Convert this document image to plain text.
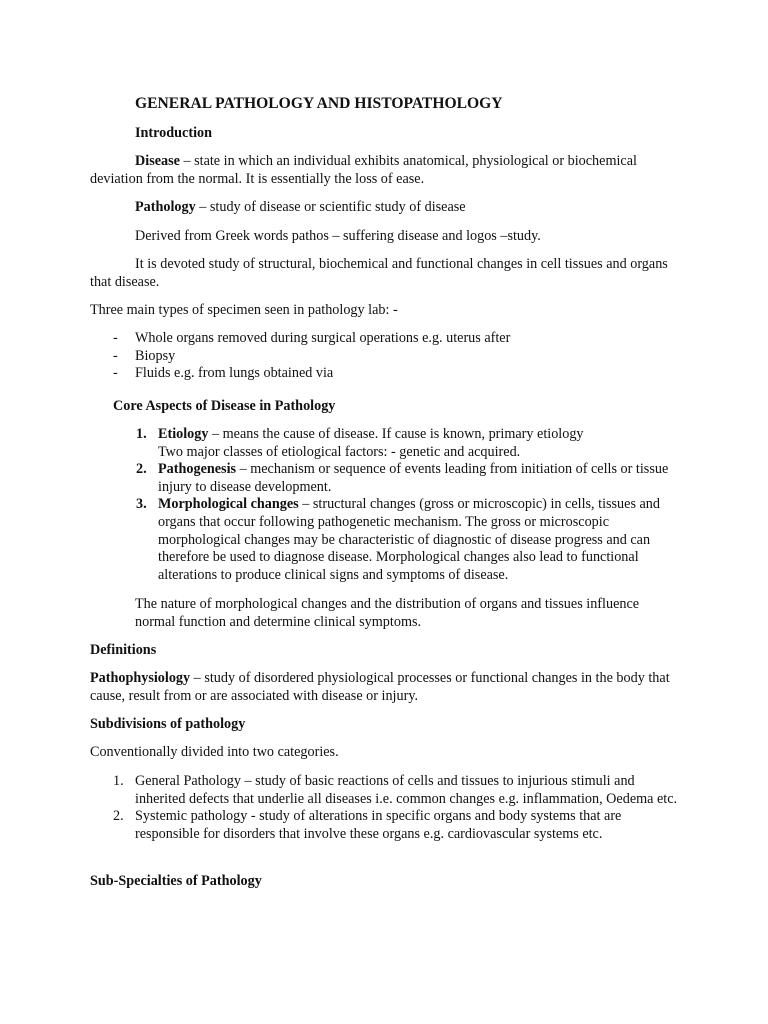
GENERAL PATHOLOGY AND HISTOPATHOLOGY

Introduction

Disease – state in which an individual exhibits anatomical, physiological or biochemical deviation from the normal. It is essentially the loss of ease.

Pathology – study of disease or scientific study of disease

Derived from Greek words pathos – suffering disease and logos –study.

It is devoted study of structural, biochemical and functional changes in cell tissues and organs that disease.

Three main types of specimen seen in pathology lab: -

-	Whole organs removed during surgical operations e.g. uterus after
-	Biopsy
-	Fluids e.g. from lungs obtained via

Core Aspects of Disease in Pathology

1. Etiology – means the cause of disease. If cause is known, primary etiology
Two major classes of etiological factors: - genetic and acquired.
2. Pathogenesis – mechanism or sequence of events leading from initiation of cells or tissue injury to disease development.
3. Morphological changes – structural changes (gross or microscopic) in cells, tissues and organs that occur following pathogenetic mechanism. The gross or microscopic morphological changes may be characteristic of diagnostic of disease progress and can therefore be used to diagnose disease. Morphological changes also lead to functional alterations to produce clinical signs and symptoms of disease.

The nature of morphological changes and the distribution of organs and tissues influence normal function and determine clinical symptoms.

Definitions

Pathophysiology – study of disordered physiological processes or functional changes in the body that cause, result from or are associated with disease or injury.

Subdivisions of pathology

Conventionally divided into two categories.

1. General Pathology – study of basic reactions of cells and tissues to injurious stimuli and inherited defects that underlie all diseases i.e. common changes e.g. inflammation, Oedema etc.
2. Systemic pathology - study of alterations in specific organs and body systems that are responsible for disorders that involve these organs e.g. cardiovascular systems etc.

Sub-Specialties of Pathology
